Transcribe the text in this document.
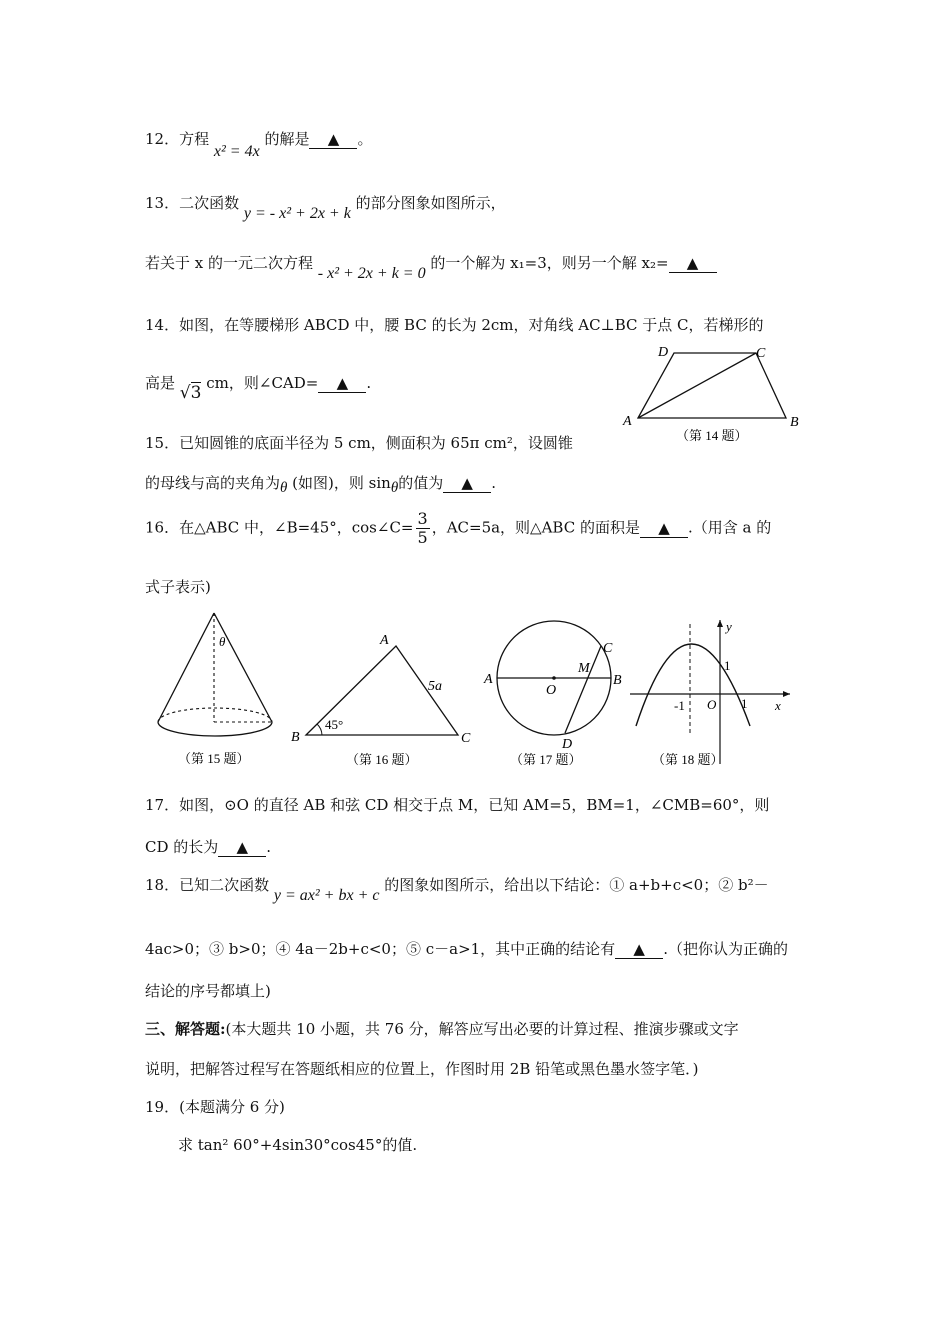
12．方程 x² = 4x 的解是 ▲ 。
13．二次函数 y = - x² + 2x + k 的部分图象如图所示，
若关于 x 的一元二次方程 - x² + 2x + k = 0 的一个解为 x₁=3，则另一个解 x₂= ▲
14．如图，在等腰梯形 ABCD 中，腰 BC 的长为 2cm，对角线 AC⊥BC 于点 C，若梯形的
高是 √3 cm，则∠CAD= ▲ .
A	B
C
D
（第 14 题）
15．已知圆锥的底面半径为 5 cm，侧面积为 65π cm²，设圆锥
的母线与高的夹角为θ (如图)，则 sinθ的值为 ▲ .
16．在△ABC 中，∠B=45°，cos∠C= $\frac{3}{5}$ ，AC=5a，则△ABC 的面积是 ▲ .（用含 a 的
式子表示)
θ
（第 15 题）
A
B	C
5a
45°
（第 16 题）
A	B
C
D
M
O
（第 17 题）
y
x
1
1
-1 O
（第 18 题）
17．如图，⊙O 的直径 AB 和弦 CD 相交于点 M，已知 AM=5，BM=1，∠CMB=60°，则
CD 的长为 ▲ .
18．已知二次函数 y = ax² + bx + c 的图象如图所示，给出以下结论：① a+b+c<0；② b²－
4ac>0；③ b>0；④ 4a－2b+c<0；⑤ c－a>1，其中正确的结论有 ▲ .（把你认为正确的
结论的序号都填上)
三、解答题:(本大题共 10 小题，共 76 分，解答应写出必要的计算过程、推演步骤或文字
说明，把解答过程写在答题纸相应的位置上，作图时用 2B 铅笔或黑色墨水签字笔．)
19．(本题满分 6 分)
求 tan² 60°+4sin30°cos45°的值.
